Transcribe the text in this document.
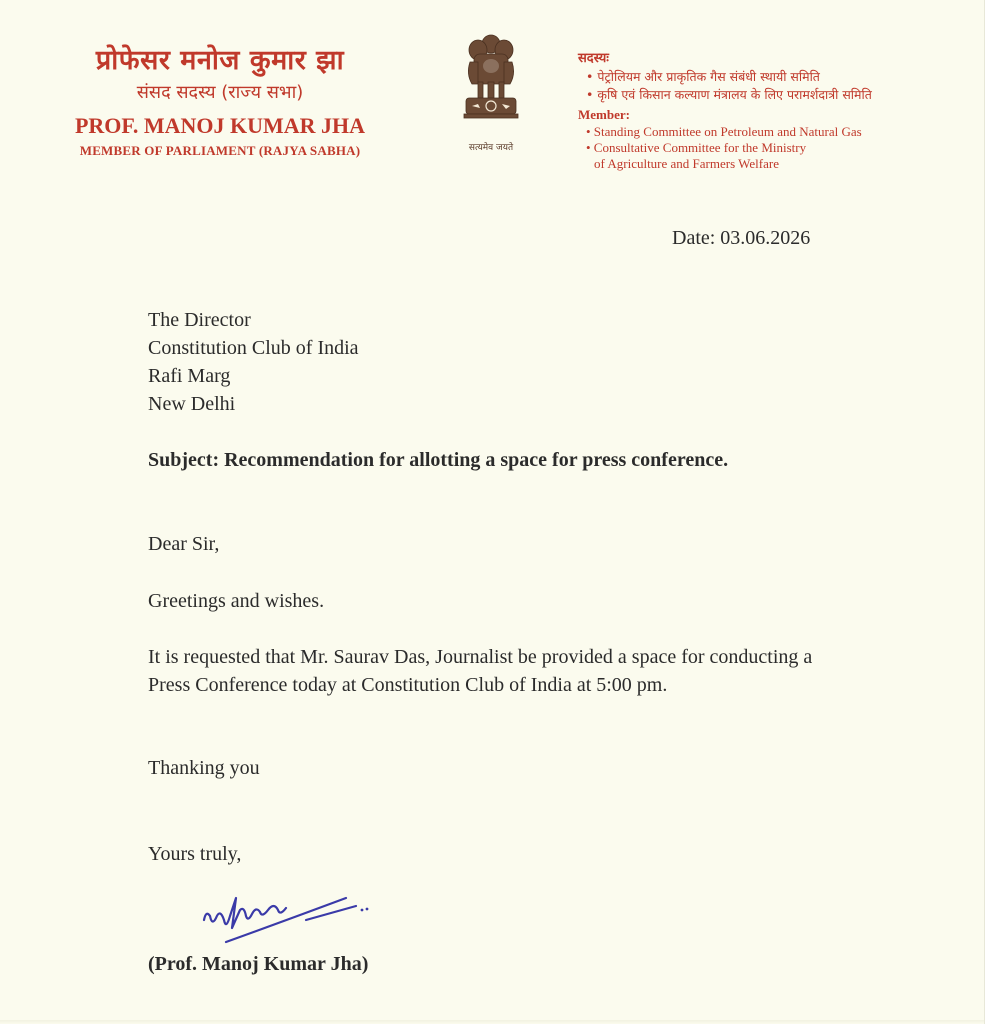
प्रोफेसर मनोज कुमार झा
संसद सदस्य (राज्य सभा)
PROF. MANOJ KUMAR JHA
MEMBER OF PARLIAMENT (RAJYA SABHA)	सत्यमेव जयते
सदस्यः
• पेट्रोलियम और प्राकृतिक गैस संबंधी स्थायी समिति
• कृषि एवं किसान कल्याण मंत्रालय के लिए परामर्शदात्री समिति
Member:
• Standing Committee on Petroleum and Natural Gas
• Consultative Committee for the Ministry
of Agriculture and Farmers Welfare
Date: 03.06.2026
The Director
Constitution Club of India
Rafi Marg
New Delhi
Subject: Recommendation for allotting a space for press conference.
Dear Sir,
Greetings and wishes.
It is requested that Mr. Saurav Das, Journalist be provided a space for conducting a Press Conference today at Constitution Club of India at 5:00 pm.
Thanking you
Yours truly,
(Prof. Manoj Kumar Jha)
